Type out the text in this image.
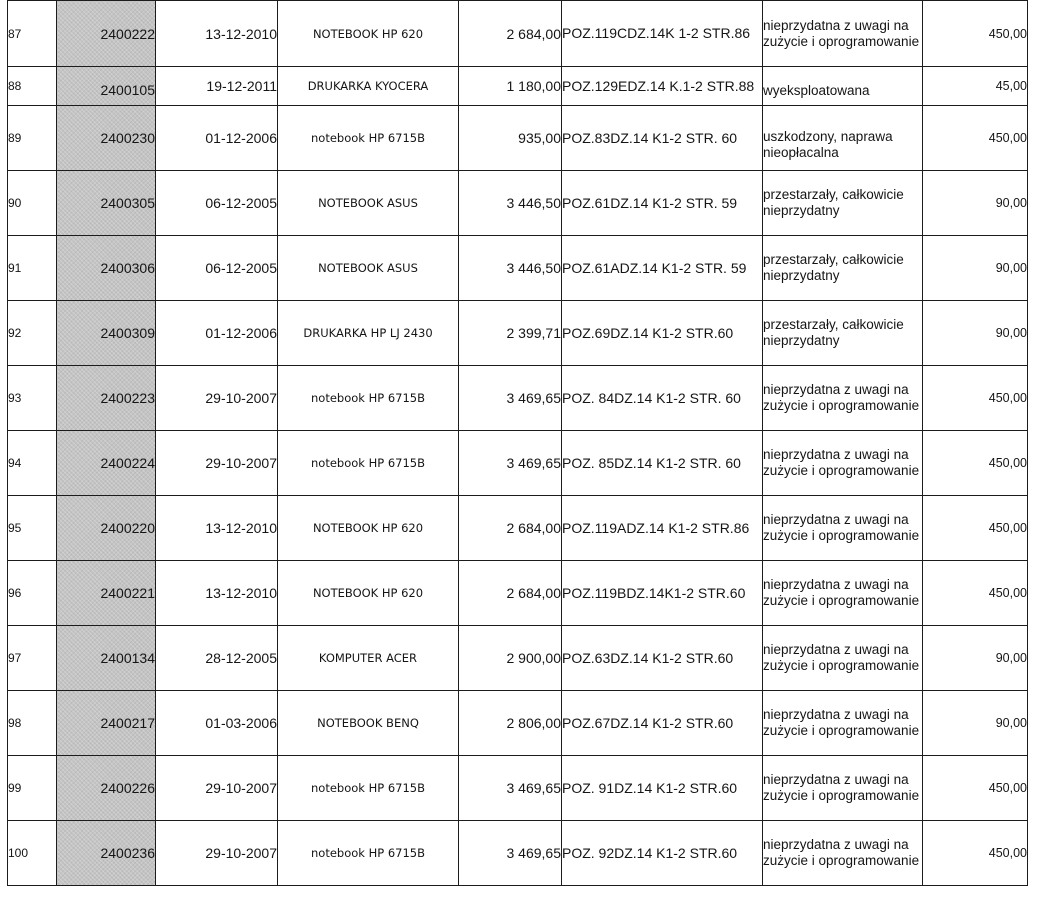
87	2400222	13-12-2010	NOTEBOOK HP 620	2 684,00	POZ.119CDZ.14K 1-2 STR.86	nieprzydatna z uwagi na zużycie i oprogramowanie	450,00
88	2400105	19-12-2011	DRUKARKA KYOCERA	1 180,00	POZ.129EDZ.14 K.1-2 STR.88	wyeksploatowana	45,00
89	2400230	01-12-2006	notebook HP 6715B	935,00	POZ.83DZ.14 K1-2 STR. 60	uszkodzony, naprawa nieopłacalna	450,00
90	2400305	06-12-2005	NOTEBOOK ASUS	3 446,50	POZ.61DZ.14 K1-2 STR. 59	przestarzały, całkowicie nieprzydatny	90,00
91	2400306	06-12-2005	NOTEBOOK ASUS	3 446,50	POZ.61ADZ.14 K1-2 STR. 59	przestarzały, całkowicie nieprzydatny	90,00
92	2400309	01-12-2006	DRUKARKA HP LJ 2430	2 399,71	POZ.69DZ.14 K1-2 STR.60	przestarzały, całkowicie nieprzydatny	90,00
93	2400223	29-10-2007	notebook HP 6715B	3 469,65	POZ. 84DZ.14 K1-2 STR. 60	nieprzydatna z uwagi na zużycie i oprogramowanie	450,00
94	2400224	29-10-2007	notebook HP 6715B	3 469,65	POZ. 85DZ.14 K1-2 STR. 60	nieprzydatna z uwagi na zużycie i oprogramowanie	450,00
95	2400220	13-12-2010	NOTEBOOK HP 620	2 684,00	POZ.119ADZ.14 K1-2 STR.86	nieprzydatna z uwagi na zużycie i oprogramowanie	450,00
96	2400221	13-12-2010	NOTEBOOK HP 620	2 684,00	POZ.119BDZ.14K1-2 STR.60	nieprzydatna z uwagi na zużycie i oprogramowanie	450,00
97	2400134	28-12-2005	KOMPUTER ACER	2 900,00	POZ.63DZ.14 K1-2 STR.60	nieprzydatna z uwagi na zużycie i oprogramowanie	90,00
98	2400217	01-03-2006	NOTEBOOK BENQ	2 806,00	POZ.67DZ.14 K1-2 STR.60	nieprzydatna z uwagi na zużycie i oprogramowanie	90,00
99	2400226	29-10-2007	notebook HP 6715B	3 469,65	POZ. 91DZ.14 K1-2 STR.60	nieprzydatna z uwagi na zużycie i oprogramowanie	450,00
100	2400236	29-10-2007	notebook HP 6715B	3 469,65	POZ. 92DZ.14 K1-2 STR.60	nieprzydatna z uwagi na zużycie i oprogramowanie	450,00
